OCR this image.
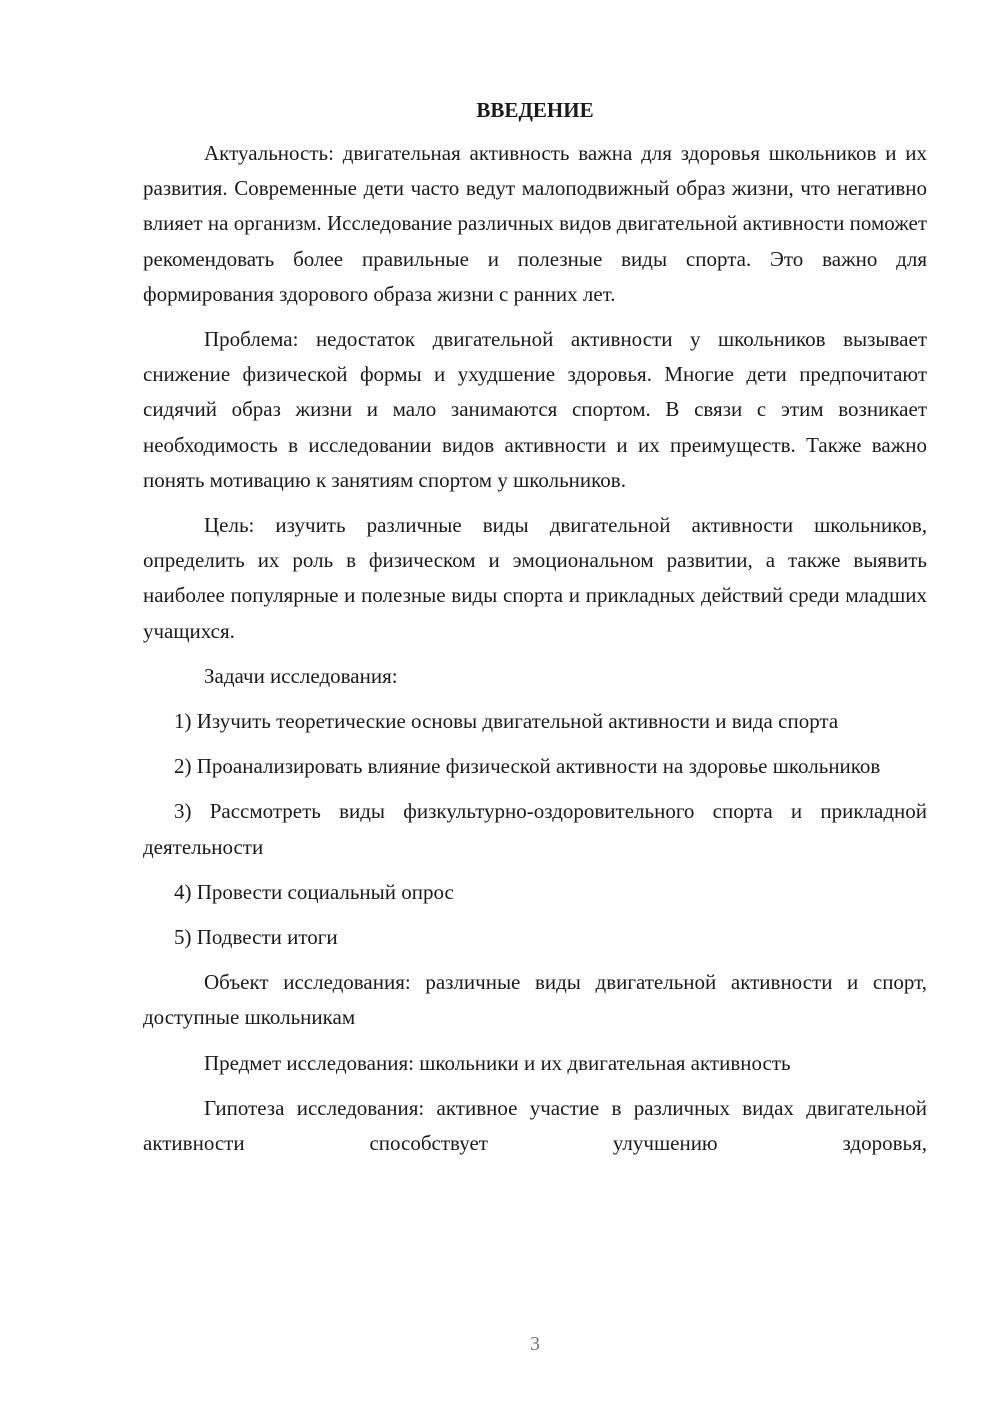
ВВЕДЕНИЕ

Актуальность: двигательная активность важна для здоровья школьников и их развития. Современные дети часто ведут малоподвижный образ жизни, что негативно влияет на организм. Исследование различных видов двигательной активности поможет рекомендовать более правильные и полезные виды спорта. Это важно для формирования здорового образа жизни с ранних лет.

Проблема: недостаток двигательной активности у школьников вызывает снижение физической формы и ухудшение здоровья. Многие дети предпочитают сидячий образ жизни и мало занимаются спортом. В связи с этим возникает необходимость в исследовании видов активности и их преимуществ. Также важно понять мотивацию к занятиям спортом у школьников.

Цель: изучить различные виды двигательной активности школьников, определить их роль в физическом и эмоциональном развитии, а также выявить наиболее популярные и полезные виды спорта и прикладных действий среди младших учащихся.

Задачи исследования:

1) Изучить теоретические основы двигательной активности и вида спорта

2) Проанализировать влияние физической активности на здоровье школьников

3) Рассмотреть виды физкультурно-оздоровительного спорта и прикладной деятельности

4) Провести социальный опрос

5) Подвести итоги

Объект исследования: различные виды двигательной активности и спорт, доступные школьникам

Предмет исследования: школьники и их двигательная активность

Гипотеза исследования: активное участие в различных видах двигательной активности способствует улучшению здоровья,

3
